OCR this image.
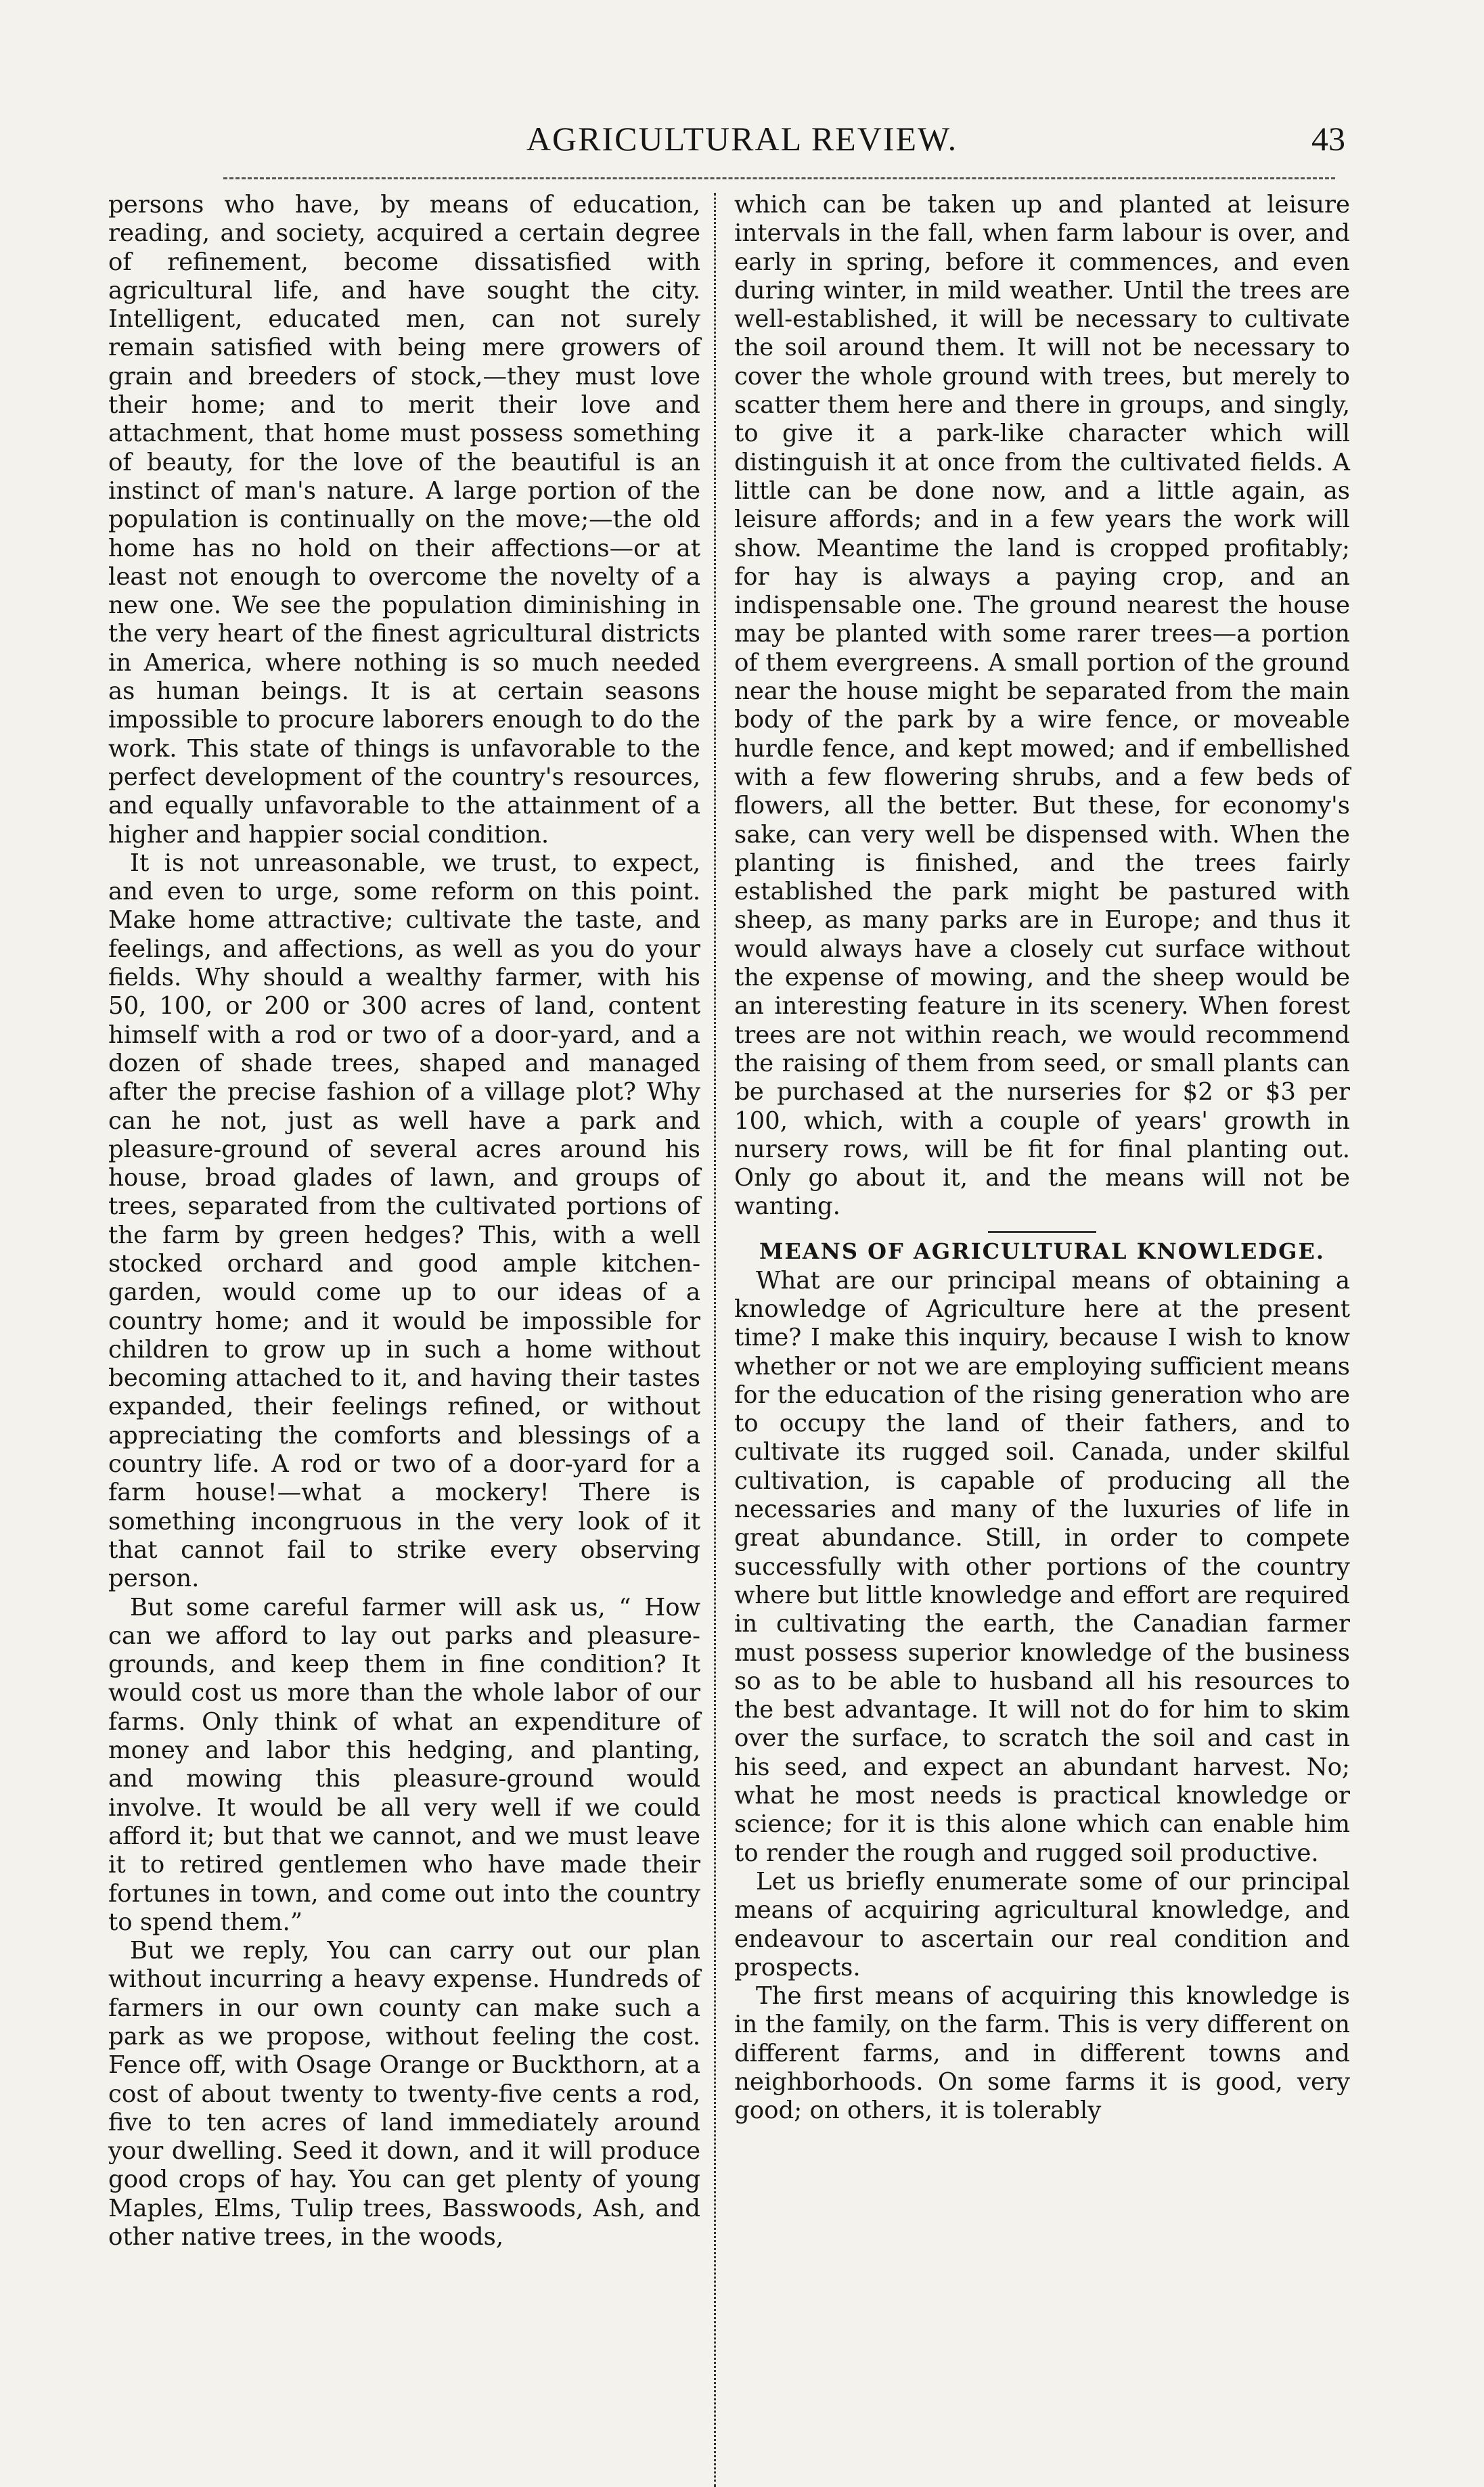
AGRICULTURAL REVIEW.	43

persons who have, by means of education, reading, and society, acquired a certain degree of refinement, become dissatisfied with agricultural life, and have sought the city. Intelligent, educated men, can not surely remain satisfied with being mere growers of grain and breeders of stock,—they must love their home; and to merit their love and attachment, that home must possess something of beauty, for the love of the beautiful is an instinct of man's nature. A large portion of the population is continually on the move;—the old home has no hold on their affections—or at least not enough to overcome the novelty of a new one. We see the population diminishing in the very heart of the finest agricultural districts in America, where nothing is so much needed as human beings. It is at certain seasons impossible to procure laborers enough to do the work. This state of things is unfavorable to the perfect development of the country's resources, and equally unfavorable to the attainment of a higher and happier social condition.

It is not unreasonable, we trust, to expect, and even to urge, some reform on this point. Make home attractive; cultivate the taste, and feelings, and affections, as well as you do your fields. Why should a wealthy farmer, with his 50, 100, or 200 or 300 acres of land, content himself with a rod or two of a door-yard, and a dozen of shade trees, shaped and managed after the precise fashion of a village plot? Why can he not, just as well have a park and pleasure-ground of several acres around his house, broad glades of lawn, and groups of trees, separated from the cultivated portions of the farm by green hedges? This, with a well stocked orchard and good ample kitchen-garden, would come up to our ideas of a country home; and it would be impossible for children to grow up in such a home without becoming attached to it, and having their tastes expanded, their feelings refined, or without appreciating the comforts and blessings of a country life. A rod or two of a door-yard for a farm house!—what a mockery! There is something incongruous in the very look of it that cannot fail to strike every observing person.

But some careful farmer will ask us, “ How can we afford to lay out parks and pleasure-grounds, and keep them in fine condition? It would cost us more than the whole labor of our farms. Only think of what an expenditure of money and labor this hedging, and planting, and mowing this pleasure-ground would involve. It would be all very well if we could afford it; but that we cannot, and we must leave it to retired gentlemen who have made their fortunes in town, and come out into the country to spend them.”

But we reply, You can carry out our plan without incurring a heavy expense. Hundreds of farmers in our own county can make such a park as we propose, without feeling the cost. Fence off, with Osage Orange or Buckthorn, at a cost of about twenty to twenty-five cents a rod, five to ten acres of land immediately around your dwelling. Seed it down, and it will produce good crops of hay. You can get plenty of young Maples, Elms, Tulip trees, Basswoods, Ash, and other native trees, in the woods,

which can be taken up and planted at leisure intervals in the fall, when farm labour is over, and early in spring, before it commences, and even during winter, in mild weather. Until the trees are well-established, it will be necessary to cultivate the soil around them. It will not be necessary to cover the whole ground with trees, but merely to scatter them here and there in groups, and singly, to give it a park-like character which will distinguish it at once from the cultivated fields. A little can be done now, and a little again, as leisure affords; and in a few years the work will show. Meantime the land is cropped profitably; for hay is always a paying crop, and an indispensable one. The ground nearest the house may be planted with some rarer trees—a portion of them evergreens. A small portion of the ground near the house might be separated from the main body of the park by a wire fence, or moveable hurdle fence, and kept mowed; and if embellished with a few flowering shrubs, and a few beds of flowers, all the better. But these, for economy's sake, can very well be dispensed with. When the planting is finished, and the trees fairly established the park might be pastured with sheep, as many parks are in Europe; and thus it would always have a closely cut surface without the expense of mowing, and the sheep would be an interesting feature in its scenery. When forest trees are not within reach, we would recommend the raising of them from seed, or small plants can be purchased at the nurseries for $2 or $3 per 100, which, with a couple of years' growth in nursery rows, will be fit for final planting out. Only go about it, and the means will not be wanting.

MEANS OF AGRICULTURAL KNOWLEDGE.

What are our principal means of obtaining a knowledge of Agriculture here at the present time? I make this inquiry, because I wish to know whether or not we are employing sufficient means for the education of the rising generation who are to occupy the land of their fathers, and to cultivate its rugged soil. Canada, under skilful cultivation, is capable of producing all the necessaries and many of the luxuries of life in great abundance. Still, in order to compete successfully with other portions of the country where but little knowledge and effort are required in cultivating the earth, the Canadian farmer must possess superior knowledge of the business so as to be able to husband all his resources to the best advantage. It will not do for him to skim over the surface, to scratch the soil and cast in his seed, and expect an abundant harvest. No; what he most needs is practical knowledge or science; for it is this alone which can enable him to render the rough and rugged soil productive.

Let us briefly enumerate some of our principal means of acquiring agricultural knowledge, and endeavour to ascertain our real condition and prospects.

The first means of acquiring this knowledge is in the family, on the farm. This is very different on different farms, and in different towns and neighborhoods. On some farms it is good, very good; on others, it is tolerably
